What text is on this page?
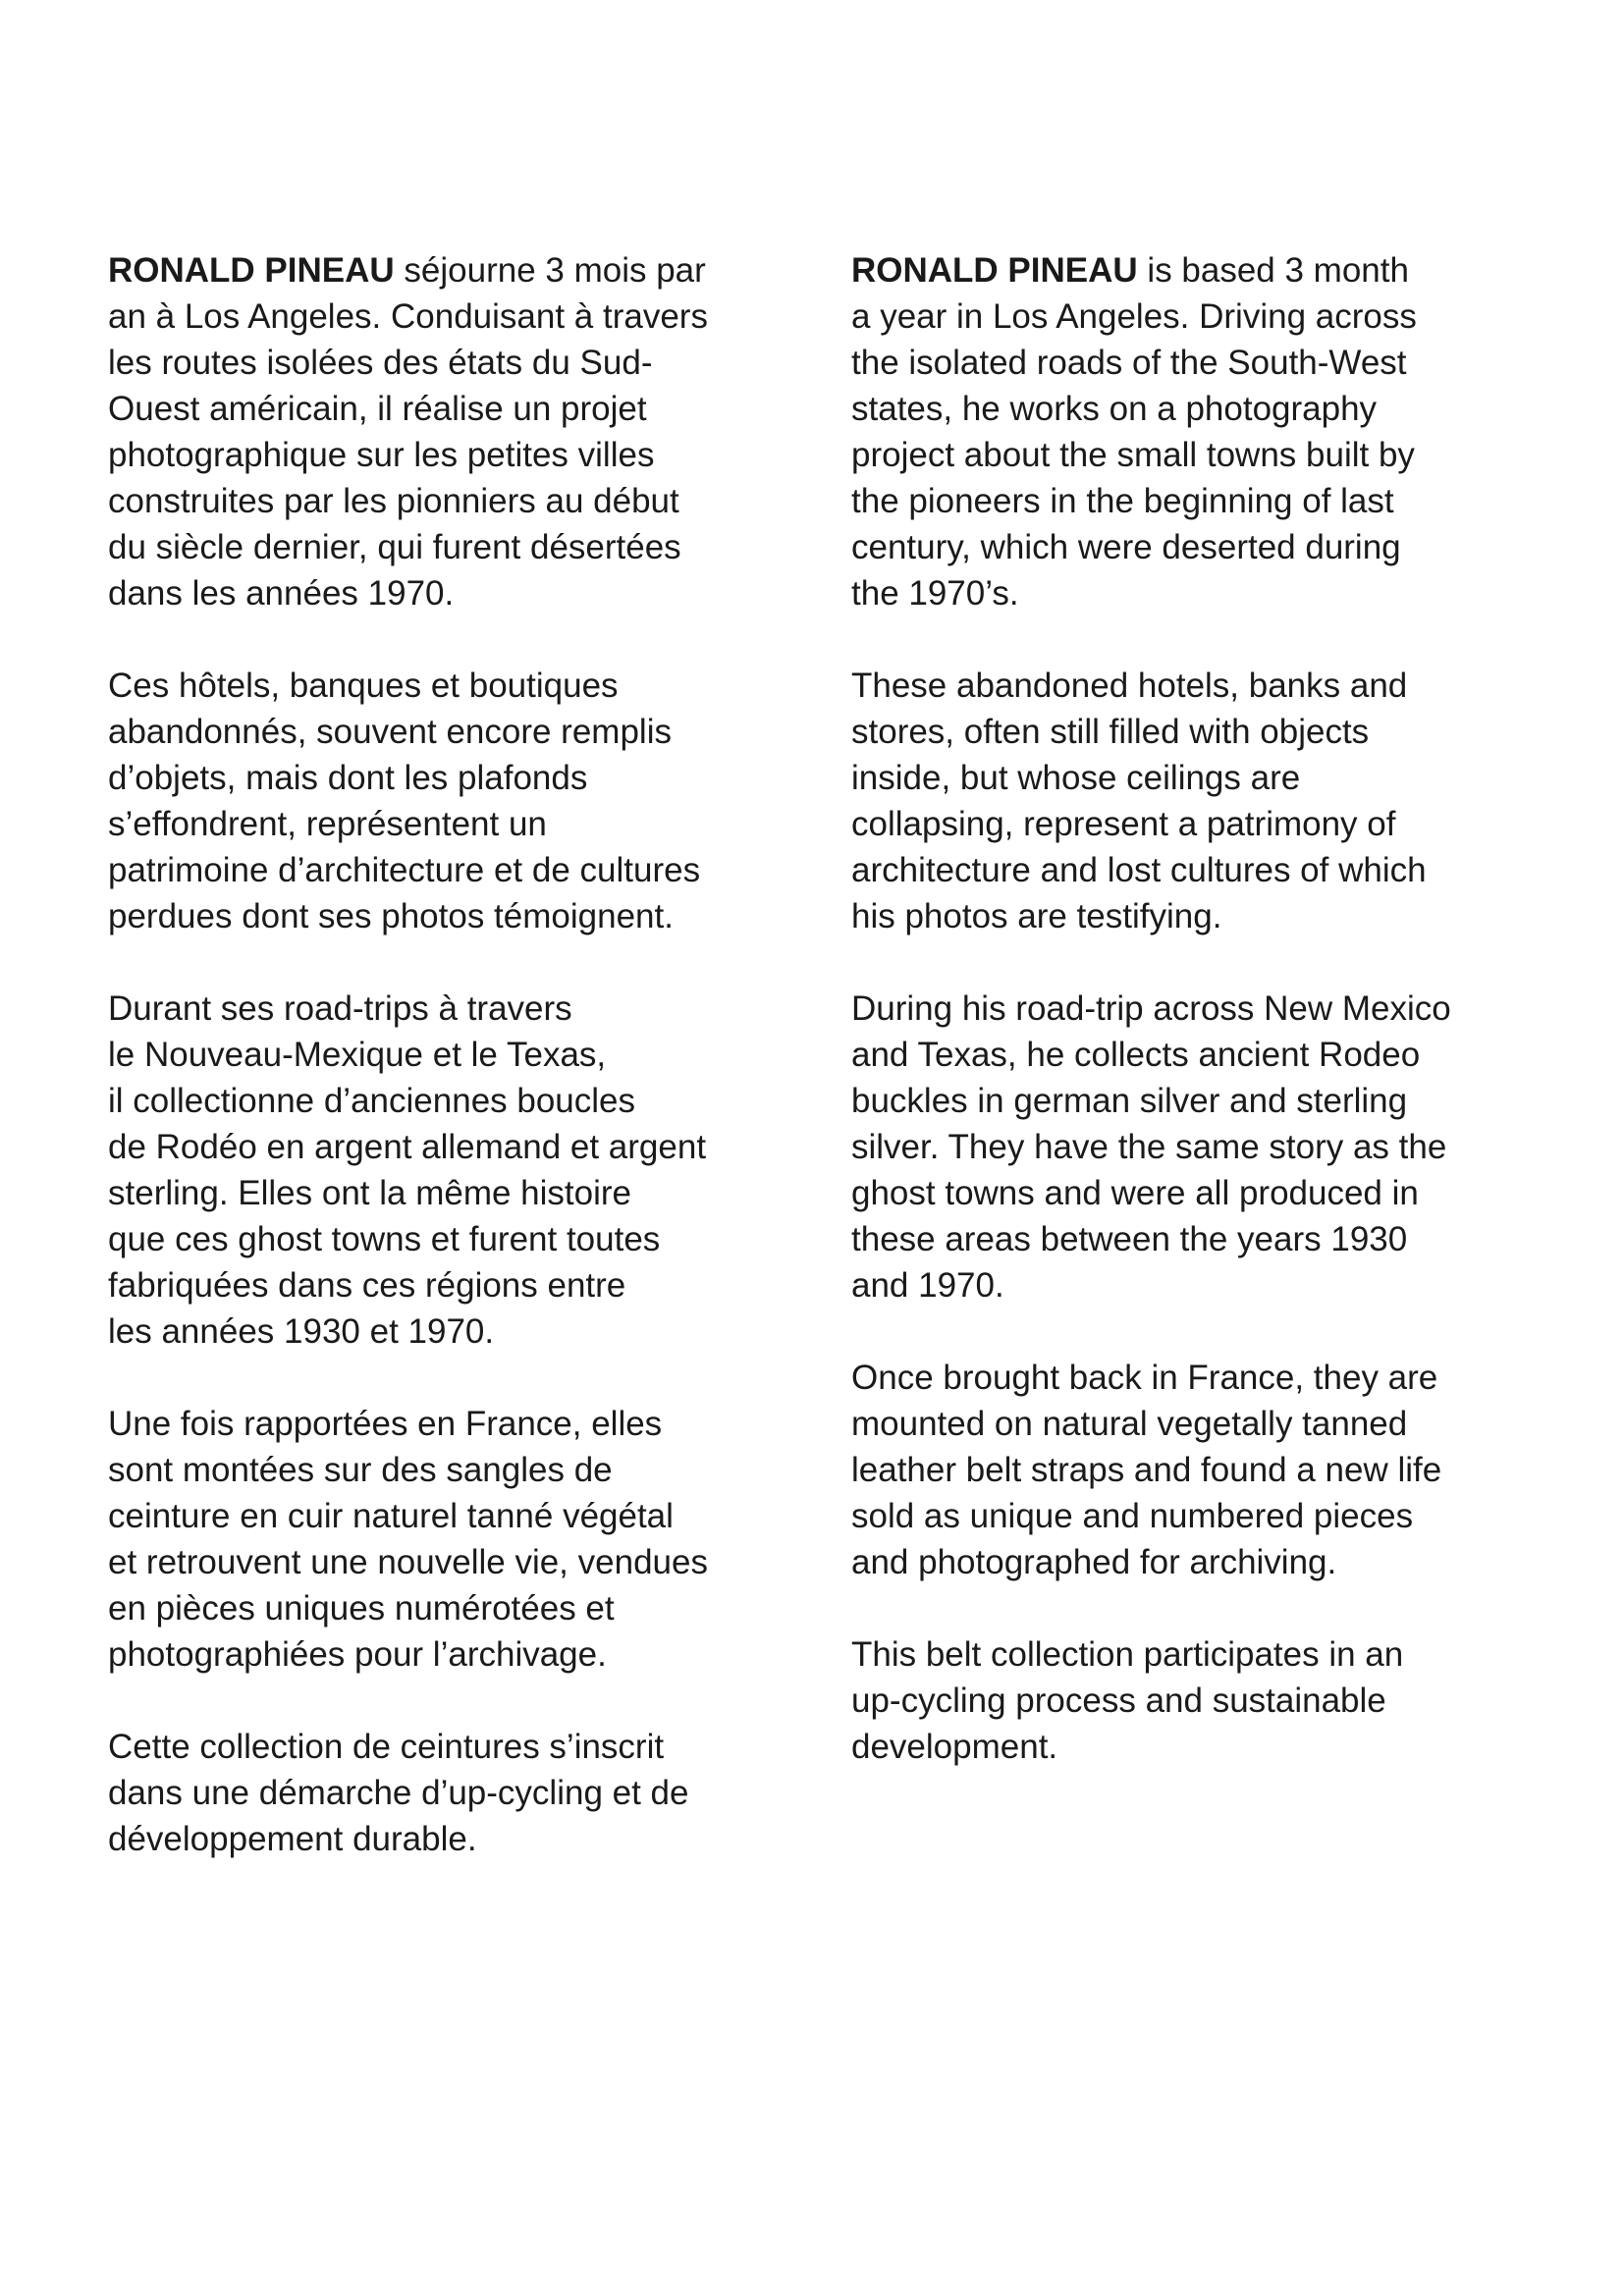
RONALD PINEAU séjourne 3 mois par
an à Los Angeles. Conduisant à travers
les routes isolées des états du Sud-
Ouest américain, il réalise un projet
photographique sur les petites villes
construites par les pionniers au début
du siècle dernier, qui furent désertées
dans les années 1970.

Ces hôtels, banques et boutiques
abandonnés, souvent encore remplis
d’objets, mais dont les plafonds
s’effondrent, représentent un
patrimoine d’architecture et de cultures
perdues dont ses photos témoignent.

Durant ses road-trips à travers
le Nouveau-Mexique et le Texas,
il collectionne d’anciennes boucles
de Rodéo en argent allemand et argent
sterling. Elles ont la même histoire
que ces ghost towns et furent toutes
fabriquées dans ces régions entre
les années 1930 et 1970.

Une fois rapportées en France, elles
sont montées sur des sangles de
ceinture en cuir naturel tanné végétal
et retrouvent une nouvelle vie, vendues
en pièces uniques numérotées et
photographiées pour l’archivage.

Cette collection de ceintures s’inscrit
dans une démarche d’up-cycling et de
développement durable.

RONALD PINEAU is based 3 month
a year in Los Angeles. Driving across
the isolated roads of the South-West
states, he works on a photography
project about the small towns built by
the pioneers in the beginning of last
century, which were deserted during
the 1970’s.

These abandoned hotels, banks and
stores, often still filled with objects
inside, but whose ceilings are
collapsing, represent a patrimony of
architecture and lost cultures of which
his photos are testifying.

During his road-trip across New Mexico
and Texas, he collects ancient Rodeo
buckles in german silver and sterling
silver. They have the same story as the
ghost towns and were all produced in
these areas between the years 1930
and 1970.

Once brought back in France, they are
mounted on natural vegetally tanned
leather belt straps and found a new life
sold as unique and numbered pieces
and photographed for archiving.

This belt collection participates in an
up-cycling process and sustainable
development.
